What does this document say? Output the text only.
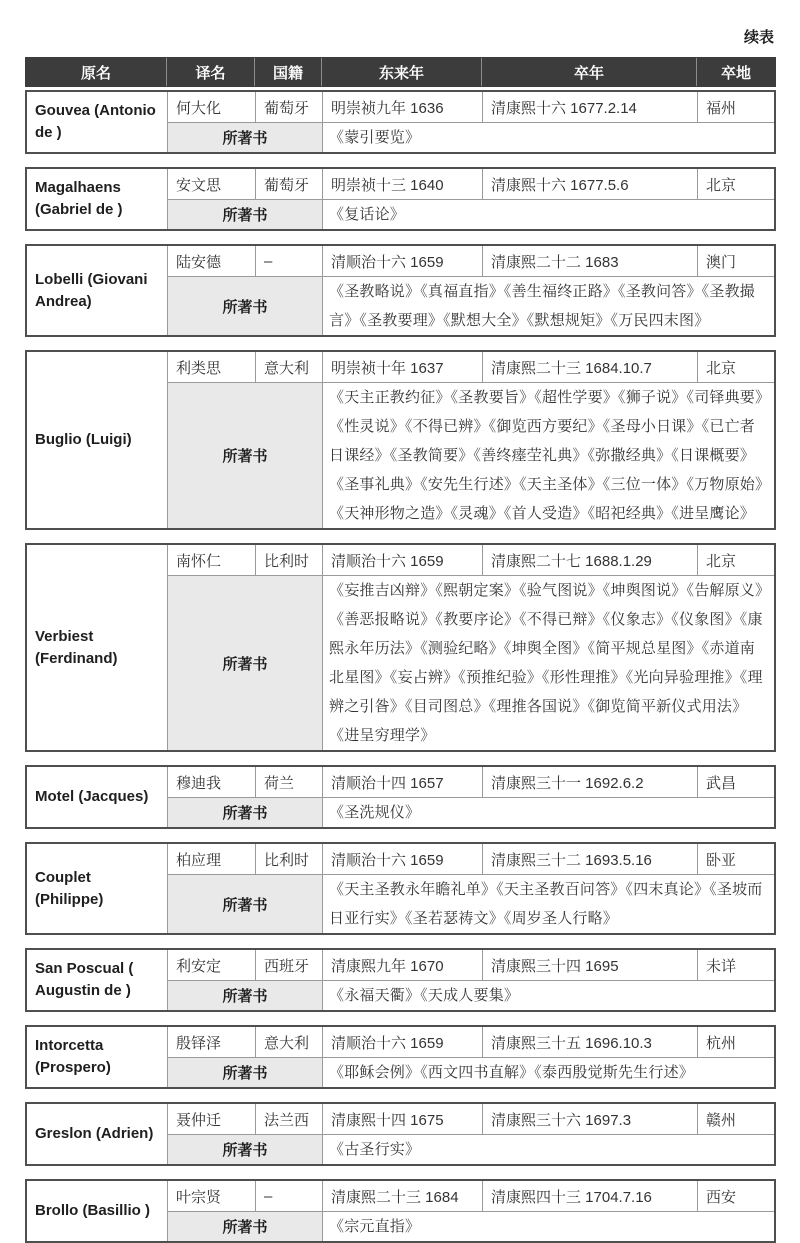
续表
原名	译名	国籍	东来年	卒年	卒地
Gouvea (Antonio de )
何大化	葡萄牙	明崇祯九年 1636	清康熙十六 1677.2.14	福州
所著书	《蒙引要览》
Magalhaens (Gabriel de )
安文思	葡萄牙	明崇祯十三 1640	清康熙十六 1677.5.6	北京
所著书	《复话论》
Lobelli (Giovani Andrea)
陆安德	–	清顺治十六 1659	清康熙二十二 1683	澳门
所著书
《圣教略说》《真福直指》《善生福终正路》《圣教问答》《圣教撮言》《圣教要理》《默想大全》《默想规矩》《万民四末图》
Buglio (Luigi)
利类思	意大利	明崇祯十年 1637	清康熙二十三 1684.10.7	北京
所著书
《天主正教约征》《圣教要旨》《超性学要》《狮子说》《司铎典要》《性灵说》《不得已辨》《御览西方要纪》《圣母小日课》《已亡者日课经》《圣教简要》《善终瘗茔礼典》《弥撒经典》《日课概要》《圣事礼典》《安先生行述》《天主圣体》《三位一体》《万物原始》《天神形物之造》《灵魂》《首人受造》《昭祀经典》《进呈鹰论》
Verbiest (Ferdinand)
南怀仁	比利时	清顺治十六 1659	清康熙二十七 1688.1.29	北京
所著书
《妄推吉凶辩》《熙朝定案》《验气图说》《坤舆图说》《告解原义》《善恶报略说》《教要序论》《不得已辩》《仪象志》《仪象图》《康熙永年历法》《测验纪略》《坤舆全图》《简平规总星图》《赤道南北星图》《妄占辨》《预推纪验》《形性理推》《光向异验理推》《理辨之引昝》《目司图总》《理推各国说》《御览简平新仪式用法》《进呈穷理学》
Motel (Jacques)
穆迪我	荷兰	清顺治十四 1657	清康熙三十一 1692.6.2	武昌
所著书	《圣洗规仪》
Couplet (Philippe)
柏应理	比利时	清顺治十六 1659	清康熙三十二 1693.5.16	卧亚
所著书
《天主圣教永年瞻礼单》《天主圣教百问答》《四末真论》《圣坡而日亚行实》《圣若瑟祷文》《周岁圣人行略》
San Poscual ( Augustin de )
利安定	西班牙	清康熙九年 1670	清康熙三十四 1695	未详
所著书	《永福天衢》《天成人要集》
Intorcetta (Prospero)
殷铎泽	意大利	清顺治十六 1659	清康熙三十五 1696.10.3	杭州
所著书	《耶稣会例》《西文四书直解》《泰西殷觉斯先生行述》
Greslon (Adrien)
聂仲迁	法兰西	清康熙十四 1675	清康熙三十六 1697.3	赣州
所著书	《古圣行实》
Brollo (Basillio )
叶宗贤	–	清康熙二十三 1684	清康熙四十三 1704.7.16	西安
所著书	《宗元直指》
